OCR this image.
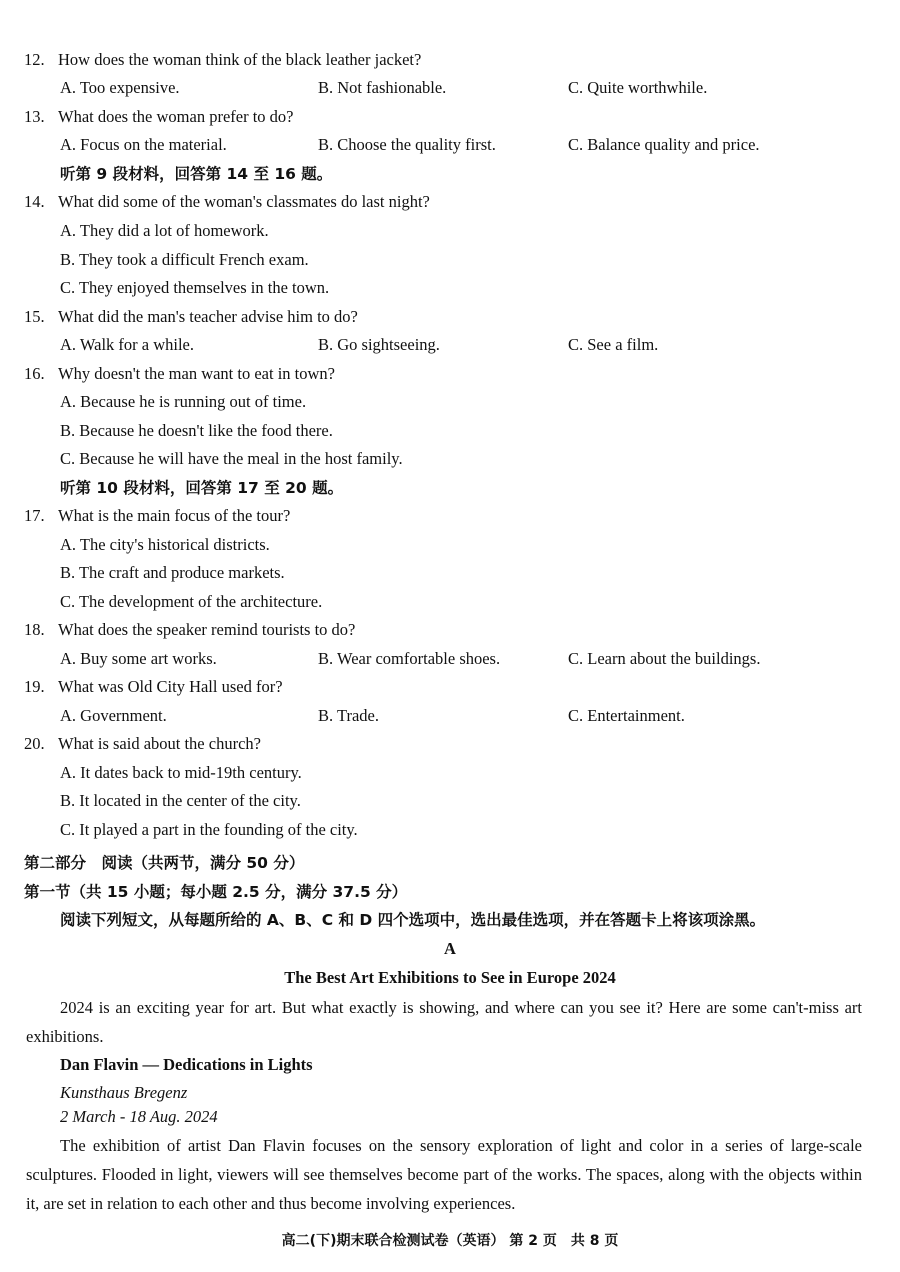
12. How does the woman think of the black leather jacket?
A. Too expensive.	B. Not fashionable.	C. Quite worthwhile.
13. What does the woman prefer to do?
A. Focus on the material.	B. Choose the quality first.	C. Balance quality and price.
听第 9 段材料，回答第 14 至 16 题。
14. What did some of the woman's classmates do last night?
A. They did a lot of homework.
B. They took a difficult French exam.
C. They enjoyed themselves in the town.
15. What did the man's teacher advise him to do?
A. Walk for a while.	B. Go sightseeing.	C. See a film.
16. Why doesn't the man want to eat in town?
A. Because he is running out of time.
B. Because he doesn't like the food there.
C. Because he will have the meal in the host family.
听第 10 段材料，回答第 17 至 20 题。
17. What is the main focus of the tour?
A. The city's historical districts.
B. The craft and produce markets.
C. The development of the architecture.
18. What does the speaker remind tourists to do?
A. Buy some art works.	B. Wear comfortable shoes.	C. Learn about the buildings.
19. What was Old City Hall used for?
A. Government.	B. Trade.	C. Entertainment.
20. What is said about the church?
A. It dates back to mid-19th century.
B. It located in the center of the city.
C. It played a part in the founding of the city.
第二部分　阅读（共两节，满分 50 分）
第一节（共 15 小题；每小题 2.5 分，满分 37.5 分）
阅读下列短文，从每题所给的 A、B、C 和 D 四个选项中，选出最佳选项，并在答题卡上将该项涂黑。
A
The Best Art Exhibitions to See in Europe 2024
2024 is an exciting year for art. But what exactly is showing, and where can you see it? Here are some can't-miss art exhibitions.
Dan Flavin — Dedications in Lights
Kunsthaus Bregenz
2 March - 18 Aug. 2024
The exhibition of artist Dan Flavin focuses on the sensory exploration of light and color in a series of large-scale sculptures. Flooded in light, viewers will see themselves become part of the works. The spaces, along with the objects within it, are set in relation to each other and thus become involving experiences.
高二(下)期末联合检测试卷（英语） 第 2 页　共 8 页
